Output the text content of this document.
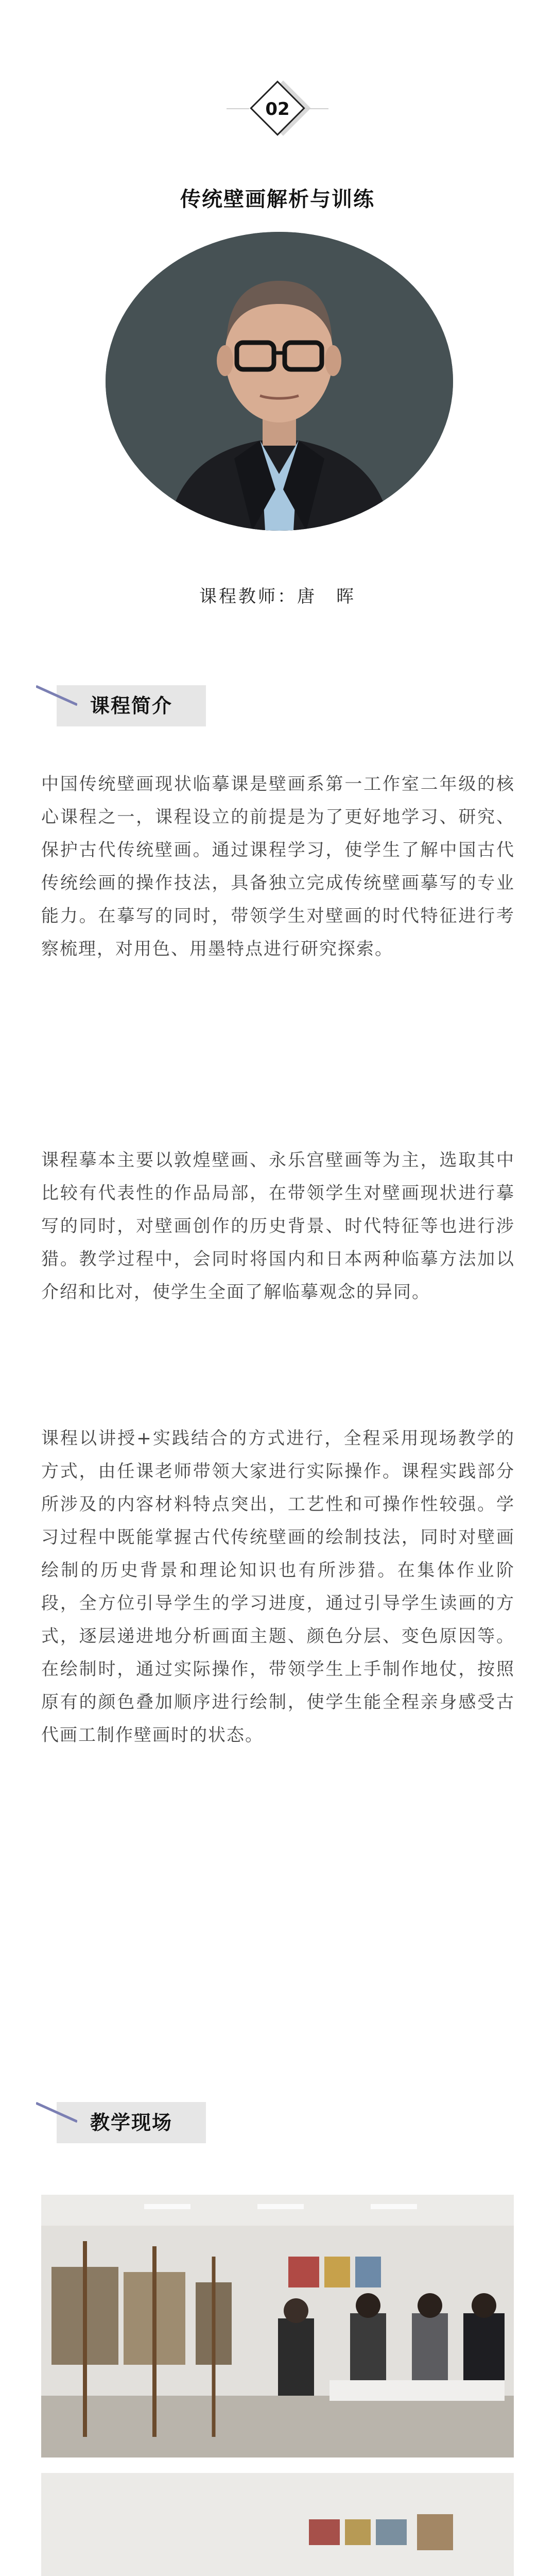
02
传统壁画解析与训练
课程教师：唐　晖
课程简介
中国传统壁画现状临摹课是壁画系第一工作室二年级的核心课程之一，课程设立的前提是为了更好地学习、研究、保护古代传统壁画。通过课程学习，使学生了解中国古代传统绘画的操作技法，具备独立完成传统壁画摹写的专业能力。在摹写的同时，带领学生对壁画的时代特征进行考察梳理，对用色、用墨特点进行研究探索。
课程摹本主要以敦煌壁画、永乐宫壁画等为主，选取其中比较有代表性的作品局部，在带领学生对壁画现状进行摹写的同时，对壁画创作的历史背景、时代特征等也进行涉猎。教学过程中，会同时将国内和日本两种临摹方法加以介绍和比对，使学生全面了解临摹观念的异同。
课程以讲授+实践结合的方式进行，全程采用现场教学的方式，由任课老师带领大家进行实际操作。课程实践部分所涉及的内容材料特点突出，工艺性和可操作性较强。学习过程中既能掌握古代传统壁画的绘制技法，同时对壁画绘制的历史背景和理论知识也有所涉猎。在集体作业阶段，全方位引导学生的学习进度，通过引导学生读画的方式，逐层递进地分析画面主题、颜色分层、变色原因等。在绘制时，通过实际操作，带领学生上手制作地仗，按照原有的颜色叠加顺序进行绘制，使学生能全程亲身感受古代画工制作壁画时的状态。
教学现场
